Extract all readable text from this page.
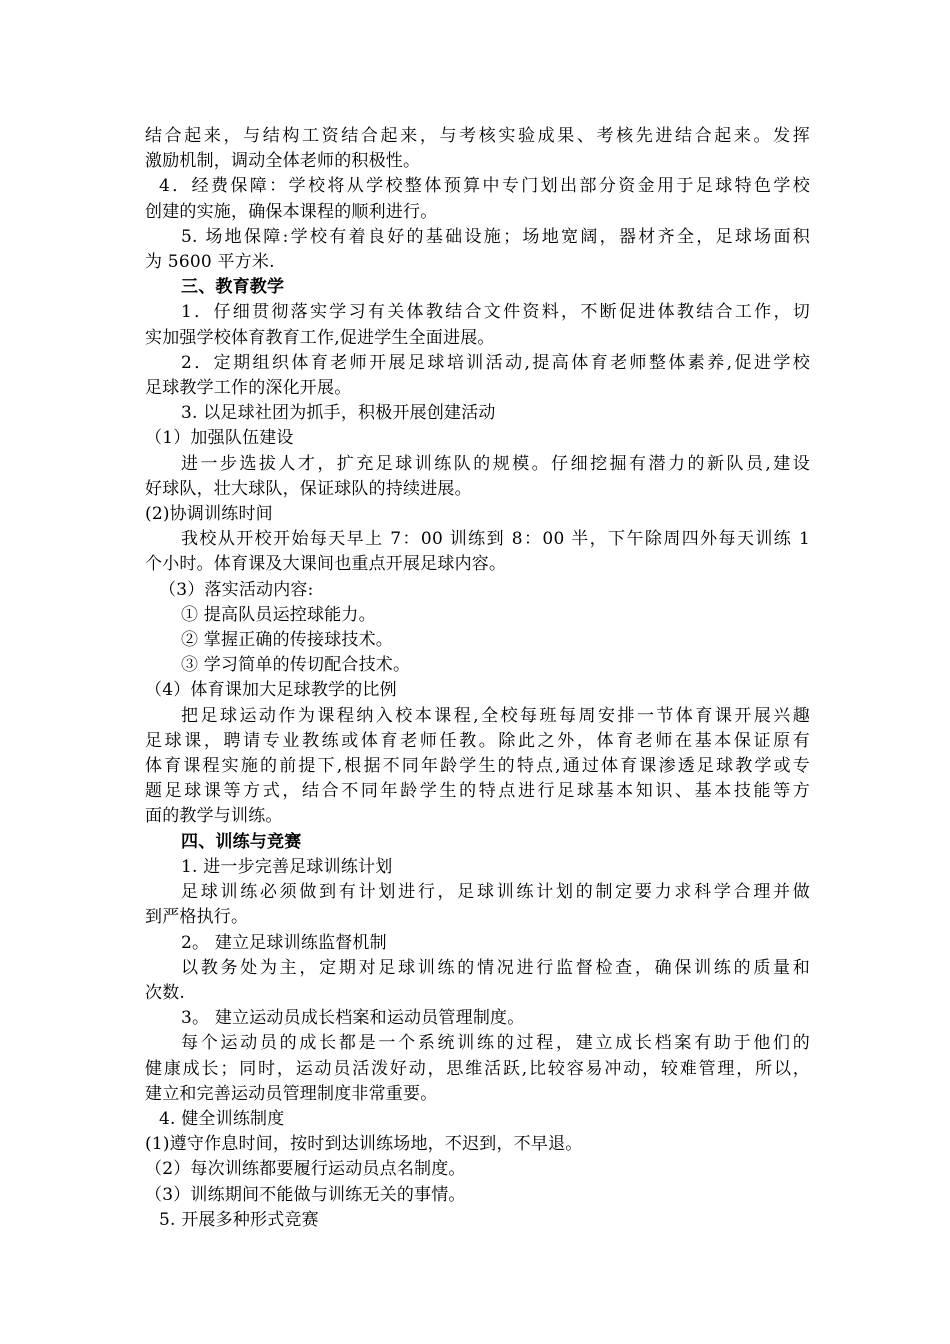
结合起来，与结构工资结合起来，与考核实验成果、考核先进结合起来。发挥
激励机制，调动全体老师的积极性。
4．经费保障：学校将从学校整体预算中专门划出部分资金用于足球特色学校
创建的实施，确保本课程的顺利进行。
5. 场地保障:学校有着良好的基础设施；场地宽阔，器材齐全，足球场面积
为 5600 平方米.
三、教育教学
1．仔细贯彻落实学习有关体教结合文件资料，不断促进体教结合工作，切
实加强学校体育教育工作,促进学生全面进展。
2．定期组织体育老师开展足球培训活动,提高体育老师整体素养,促进学校
足球教学工作的深化开展。
3. 以足球社团为抓手，积极开展创建活动
（1）加强队伍建设
进一步选拔人才，扩充足球训练队的规模。仔细挖掘有潜力的新队员,建设
好球队，壮大球队，保证球队的持续进展。
(2)协调训练时间
我校从开校开始每天早上 7：00 训练到 8：00 半，下午除周四外每天训练 1
个小时。体育课及大课间也重点开展足球内容。
（3）落实活动内容:
① 提高队员运控球能力。
② 掌握正确的传接球技术。
③ 学习简单的传切配合技术。
（4）体育课加大足球教学的比例
把足球运动作为课程纳入校本课程,全校每班每周安排一节体育课开展兴趣
足球课，聘请专业教练或体育老师任教。除此之外，体育老师在基本保证原有
体育课程实施的前提下,根据不同年龄学生的特点,通过体育课渗透足球教学或专
题足球课等方式，结合不同年龄学生的特点进行足球基本知识、基本技能等方
面的教学与训练。
四、训练与竞赛
1. 进一步完善足球训练计划
足球训练必须做到有计划进行，足球训练计划的制定要力求科学合理并做
到严格执行。
2。 建立足球训练监督机制
以教务处为主，定期对足球训练的情况进行监督检查，确保训练的质量和
次数.
3。 建立运动员成长档案和运动员管理制度。
每个运动员的成长都是一个系统训练的过程，建立成长档案有助于他们的
健康成长；同时，运动员活泼好动，思维活跃,比较容易冲动，较难管理，所以，
建立和完善运动员管理制度非常重要。
4. 健全训练制度
(1)遵守作息时间，按时到达训练场地，不迟到，不早退。
（2）每次训练都要履行运动员点名制度。
（3）训练期间不能做与训练无关的事情。
5. 开展多种形式竞赛
